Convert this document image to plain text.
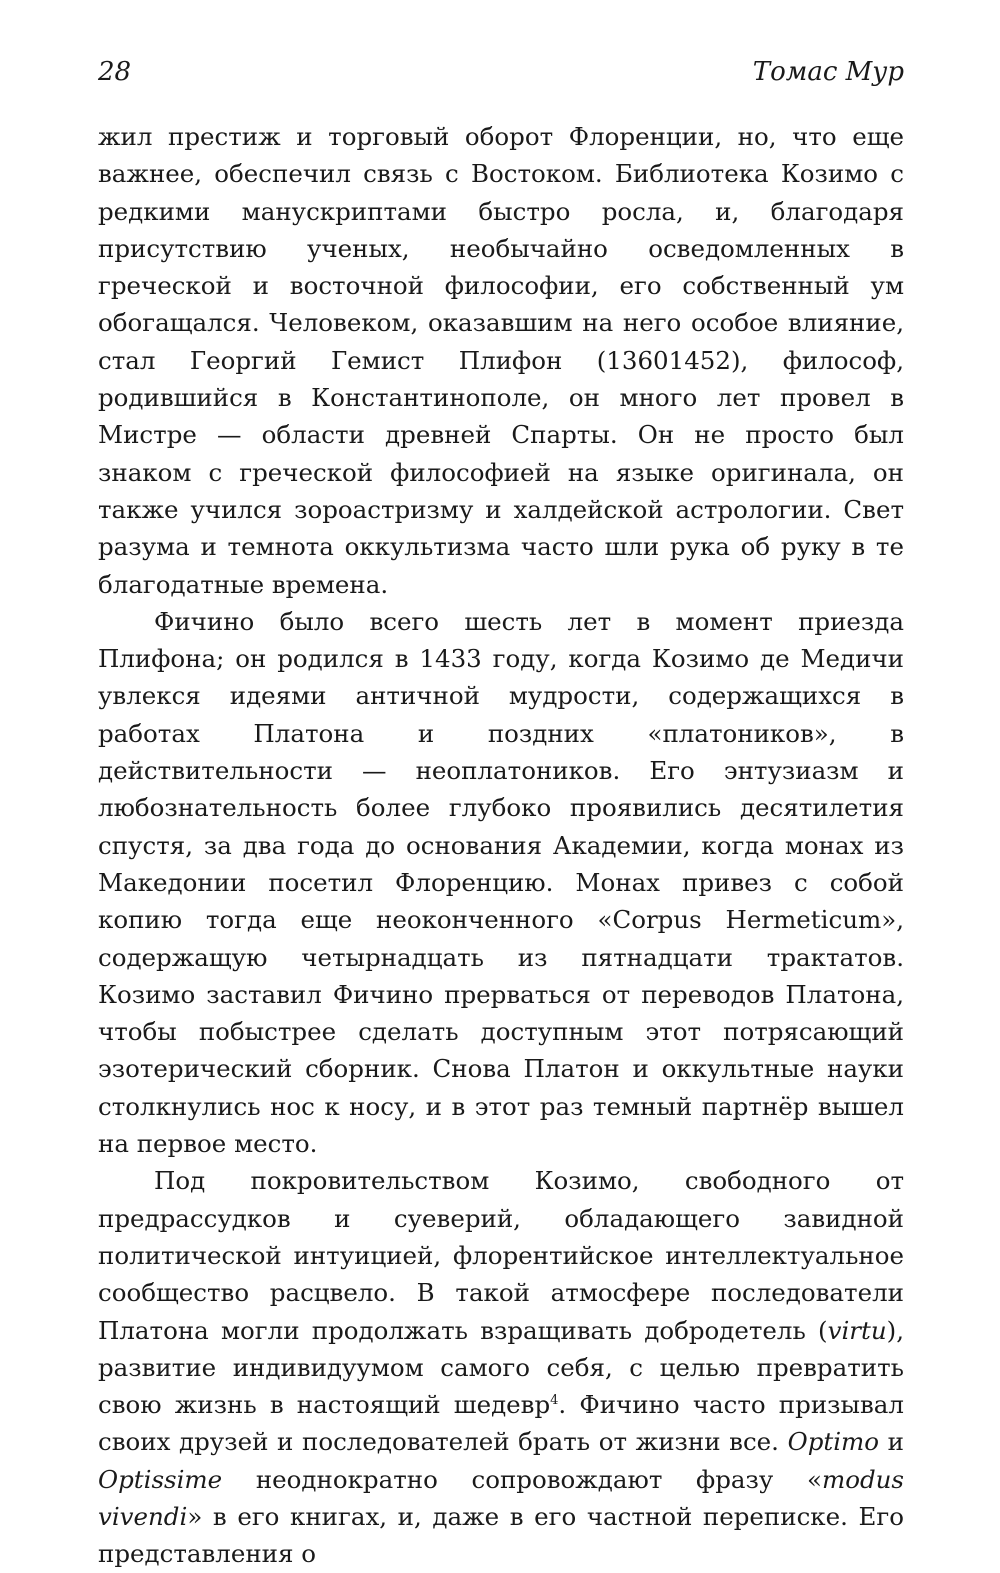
28	Томас Мур

жил престиж и торговый оборот Флоренции, но, что еще важнее, обеспечил связь с Востоком. Библиотека Козимо с редкими манускриптами быстро росла, и, благодаря присутствию ученых, необычайно осведомленных в греческой и восточной философии, его собственный ум обогащался. Человеком, оказавшим на него особое влияние, стал Георгий Гемист Плифон (13601452), философ, родившийся в Константинополе, он много лет провел в Мистре — области древней Спарты. Он не просто был знаком с греческой философией на языке оригинала, он также учился зороастризму и халдейской астрологии. Свет разума и темнота оккультизма часто шли рука об руку в те благодатные времена.

Фичино было всего шесть лет в момент приезда Плифона; он родился в 1433 году, когда Козимо де Медичи увлекся идеями античной мудрости, содержащихся в работах Платона и поздних «платоников», в действительности — неоплатоников. Его энтузиазм и любознательность более глубоко проявились десятилетия спустя, за два года до основания Академии, когда монах из Македонии посетил Флоренцию. Монах привез с собой копию тогда еще неоконченного «Corpus Hermeticum», содержащую четырнадцать из пятнадцати трактатов. Козимо заставил Фичино прерваться от переводов Платона, чтобы побыстрее сделать доступным этот потрясающий эзотерический сборник. Снова Платон и оккультные науки столкнулись нос к носу, и в этот раз темный партнёр вышел на первое место.

Под покровительством Козимо, свободного от предрассудков и суеверий, обладающего завидной политической интуицией, флорентийское интеллектуальное сообщество расцвело. В такой атмосфере последователи Платона могли продолжать взращивать добродетель (virtu), развитие индивидуумом самого себя, с целью превратить свою жизнь в настоящий шедевр$^4$. Фичино часто призывал своих друзей и последователей брать от жизни все. Optimo и Optissime неоднократно сопровождают фразу «modus vivendi» в его книгах, и, даже в его частной переписке. Его представления о
